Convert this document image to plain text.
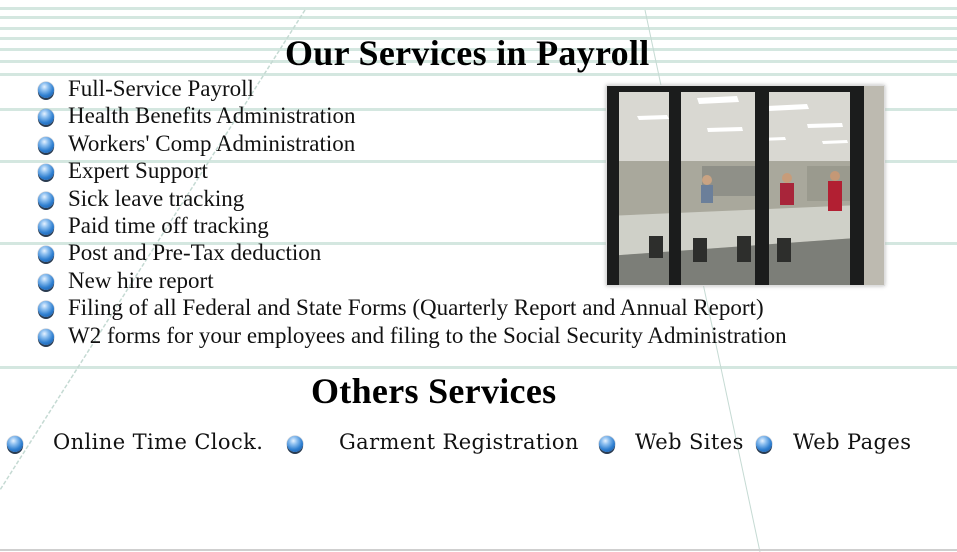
Our Services in Payroll
Full-Service Payroll
Health Benefits Administration
Workers' Comp Administration
Expert Support
Sick leave tracking
Paid time off tracking
Post and Pre-Tax deduction
New hire report
Filing of all Federal and State Forms (Quarterly Report and Annual Report)
W2 forms for your employees and filing to the Social Security Administration
Others Services
Online Time Clock.	Garment Registration	Web Sites Web Pages
